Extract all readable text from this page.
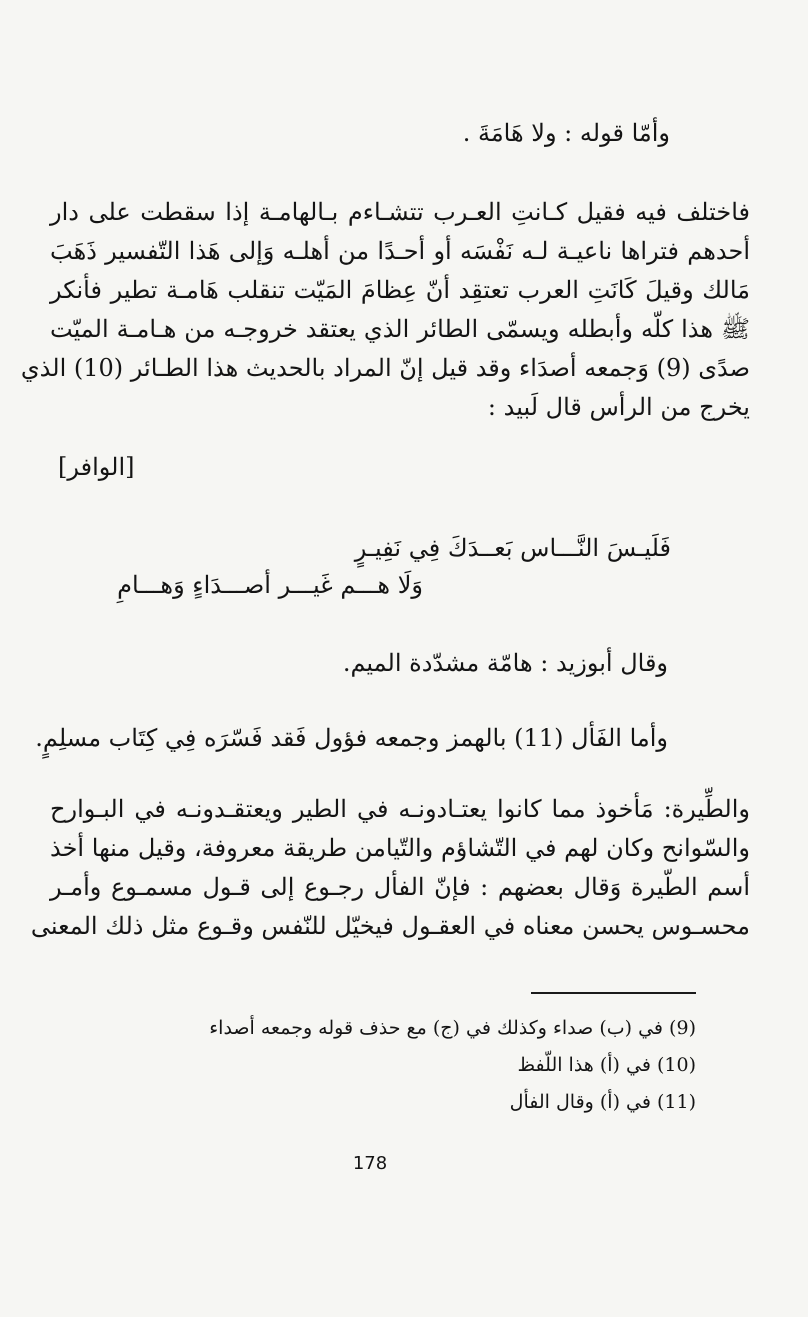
وأمّا قوله : ولا هَامَةَ .
فاختلف فيه فقيل كـانتِ العـرب تتشـاءم بـالهامـة إذا سقطت على دار
أحدهم فتراها ناعيـة لـه نَفْسَه أو أحـدًا من أهلـه وَإلى هَذا التّفسير ذَهَبَ
مَالك وقيلَ كَانَتِ العرب تعتقِد أنّ عِظامَ المَيّت تنقلب هَامـة تطير فأنكر
ﷺ هذا كلّه وأبطله ويسمّى الطائر الذي يعتقد خروجـه من هـامـة الميّت
صدًى (9) وَجمعه أصدَاء وقد قيل إنّ المراد بالحديث هذا الطـائر (10) الذي
يخرج من الرأس قال لَبيد :
[الوافر]
فَلَيـسَ النَّـــاس بَعــدَكَ فِي نَفِيـرٍ
وَلَا هـــم غَيـــر أصـــدَاءٍ وَهـــامِ
وقال أبوزيد : هامّة مشدّدة الميم.
وأما الفَأل (11) بالهمز وجمعه فؤول فَقد فَسّرَه فِي كِتَاب مسلِمٍ.
والطِّيرة: مَأخوذ مما كانوا يعتـادونـه في الطير ويعتقـدونـه في البـوارح
والسّوانح وكان لهم في التّشاؤم والتّيامن طريقة معروفة، وقيل منها أخذ
أسم الطّيرة وَقال بعضهم : فإنّ الفأل رجـوع إلى قـول مسمـوع وأمـر
محسـوس يحسن معناه في العقـول فيخيّل للنّفس وقـوع مثل ذلك المعنى
(9) في (ب) صداء وكذلك في (ج) مع حذف قوله وجمعه أصداء
(10) في (أ) هذا اللّفظ
(11) في (أ) وقال الفأل
178
